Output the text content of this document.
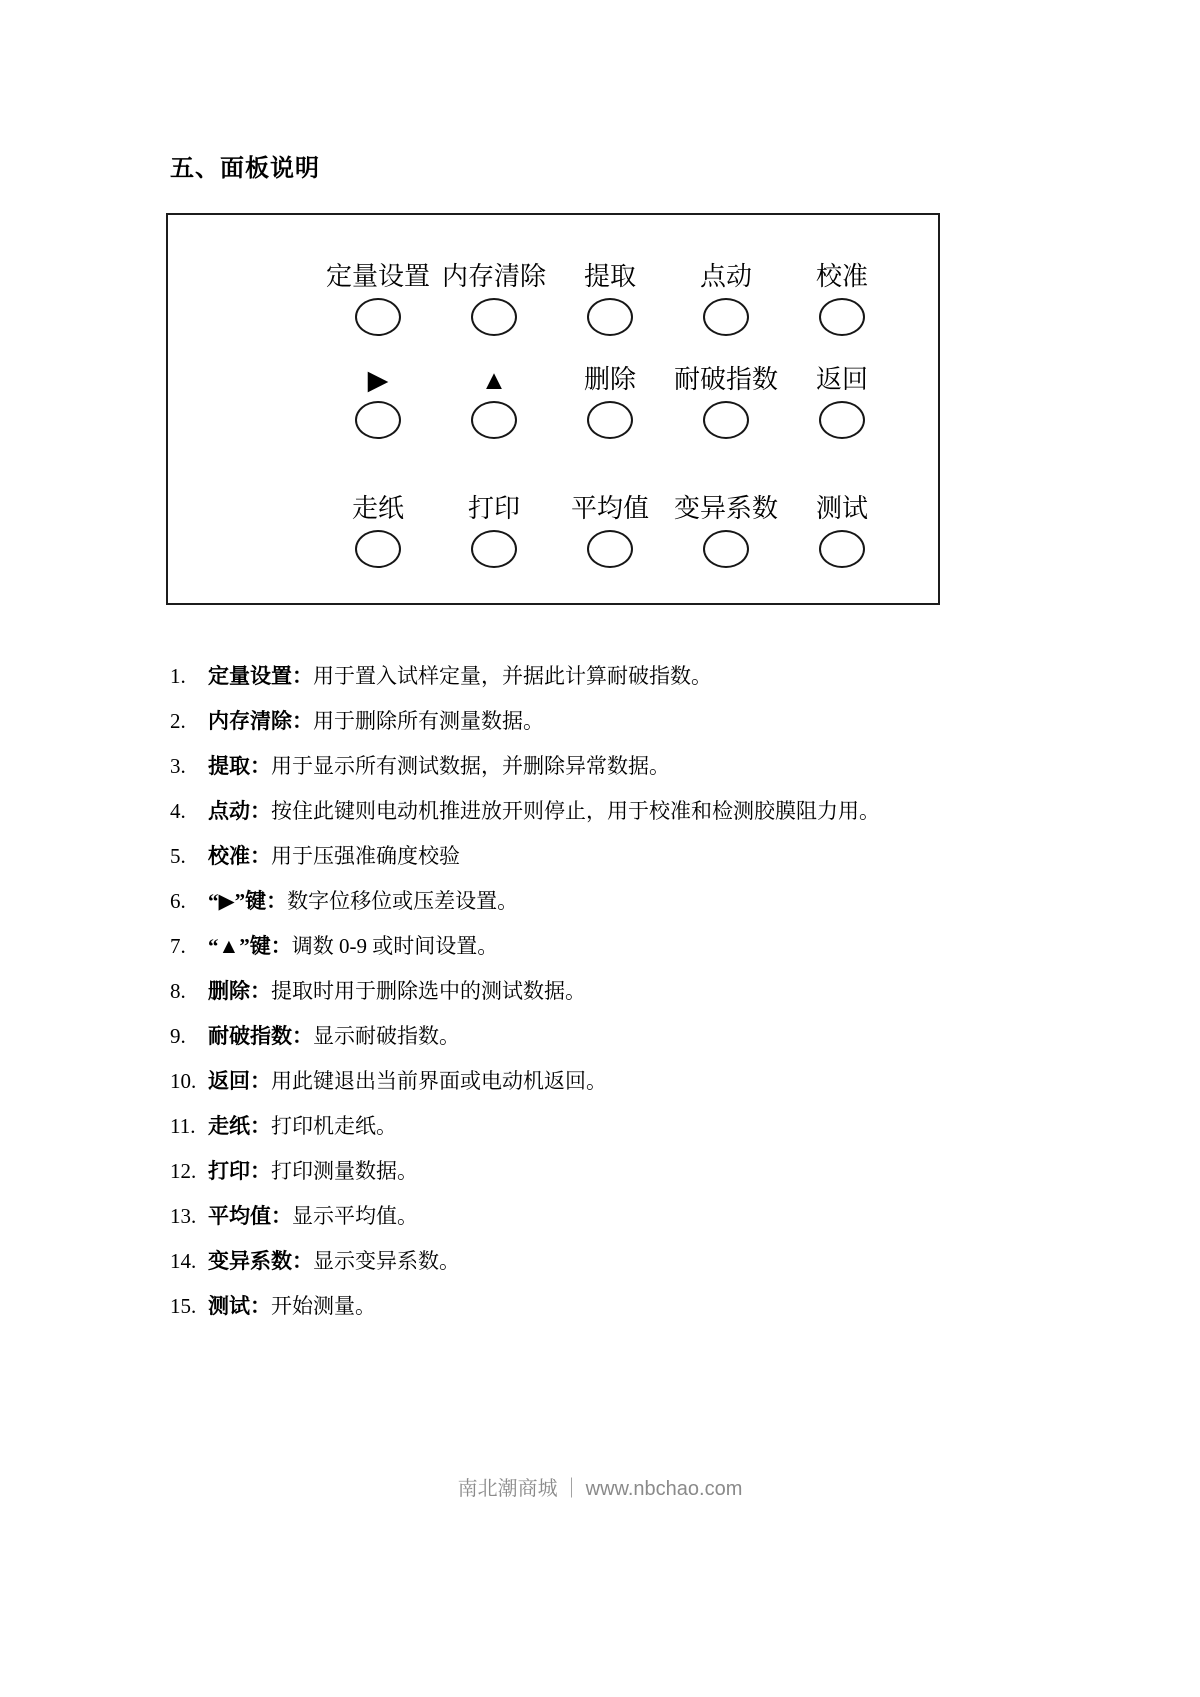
五、面板说明
定量设置 内存清除 提取 点动 校准
▶	▲	删除 耐破指数 返回
走纸 打印 平均值 变异系数 测试
1.	定量设置：用于置入试样定量，并据此计算耐破指数。
2.	内存清除：用于删除所有测量数据。
3.	提取：用于显示所有测试数据，并删除异常数据。
4.	点动：按住此键则电动机推进放开则停止，用于校准和检测胶膜阻力用。
5.	校准：用于压强准确度校验
6.	“▶”键：数字位移位或压差设置。
7.	“▲”键：调数 0-9 或时间设置。
8.	删除：提取时用于删除选中的测试数据。
9.	耐破指数：显示耐破指数。
10. 返回：用此键退出当前界面或电动机返回。
11. 走纸：打印机走纸。
12. 打印：打印测量数据。
13. 平均值：显示平均值。
14. 变异系数：显示变异系数。
15. 测试：开始测量。
南北潮商城 ｜ www.nbchao.com
